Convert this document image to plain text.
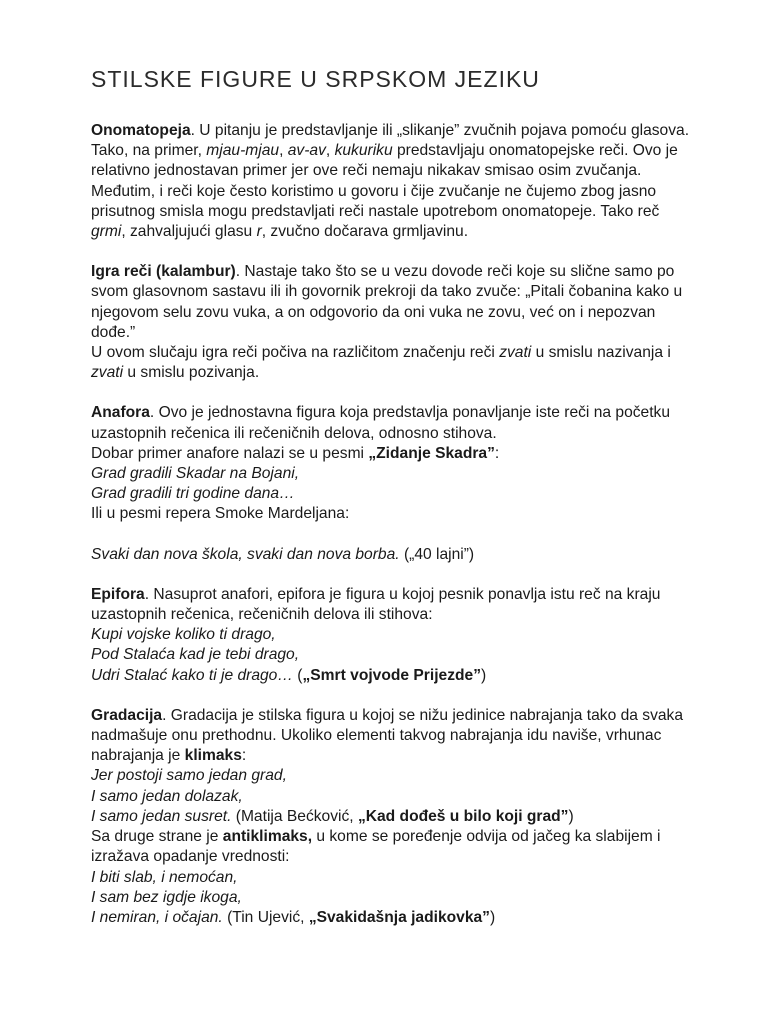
STILSKE FIGURE U SRPSKOM JEZIKU

Onomatopeja. U pitanju je predstavljanje ili „slikanje” zvučnih pojava pomoću glasova. Tako, na primer, mjau-mjau, av-av, kukuriku predstavljaju onomatopejske reči. Ovo je relativno jednostavan primer jer ove reči nemaju nikakav smisao osim zvučanja. Međutim, i reči koje često koristimo u govoru i čije zvučanje ne čujemo zbog jasno prisutnog smisla mogu predstavljati reči nastale upotrebom onomatopeje. Tako reč grmi, zahvaljujući glasu r, zvučno dočarava grmljavinu.

Igra reči (kalambur). Nastaje tako što se u vezu dovode reči koje su slične samo po svom glasovnom sastavu ili ih govornik prekroji da tako zvuče: „Pitali čobanina kako u njegovom selu zovu vuka, a on odgovorio da oni vuka ne zovu, već on i nepozvan dođe.”

U ovom slučaju igra reči počiva na različitom značenju reči zvati u smislu nazivanja i zvati u smislu pozivanja.

Anafora. Ovo je jednostavna figura koja predstavlja ponavljanje iste reči na početku uzastopnih rečenica ili rečeničnih delova, odnosno stihova.

Dobar primer anafore nalazi se u pesmi „Zidanje Skadra”:

Grad gradili Skadar na Bojani,

Grad gradili tri godine dana…

Ili u pesmi repera Smoke Mardeljana:

Svaki dan nova škola, svaki dan nova borba. („40 lajni”)

Epifora. Nasuprot anafori, epifora je figura u kojoj pesnik ponavlja istu reč na kraju uzastopnih rečenica, rečeničnih delova ili stihova:

Kupi vojske koliko ti drago,

Pod Stalaća kad je tebi drago,

Udri Stalać kako ti je drago… („Smrt vojvode Prijezde”)

Gradacija. Gradacija je stilska figura u kojoj se nižu jedinice nabrajanja tako da svaka nadmašuje onu prethodnu. Ukoliko elementi takvog nabrajanja idu naviše, vrhunac nabrajanja je klimaks:

Jer postoji samo jedan grad,

I samo jedan dolazak,

I samo jedan susret. (Matija Bećković, „Kad dođeš u bilo koji grad”)

Sa druge strane je antiklimaks, u kome se poređenje odvija od jačeg ka slabijem i izražava opadanje vrednosti:

I biti slab, i nemoćan,

I sam bez igdje ikoga,

I nemiran, i očajan. (Tin Ujević, „Svakidašnja jadikovka”)
